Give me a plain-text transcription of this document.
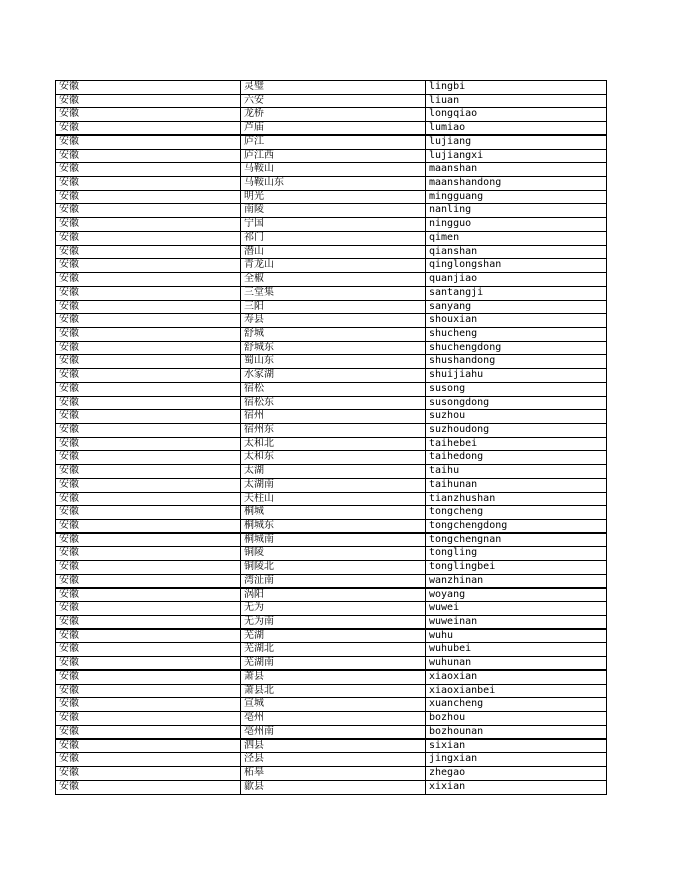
安徽	灵璧	lingbi
安徽	六安	liuan
安徽	龙桥	longqiao
安徽	芦庙	lumiao
安徽	庐江	lujiang
安徽	庐江西	lujiangxi
安徽	马鞍山	maanshan
安徽	马鞍山东	maanshandong
安徽	明光	mingguang
安徽	南陵	nanling
安徽	宁国	ningguo
安徽	祁门	qimen
安徽	潜山	qianshan
安徽	青龙山	qinglongshan
安徽	全椒	quanjiao
安徽	三堂集	santangji
安徽	三阳	sanyang
安徽	寿县	shouxian
安徽	舒城	shucheng
安徽	舒城东	shuchengdong
安徽	蜀山东	shushandong
安徽	水家湖	shuijiahu
安徽	宿松	susong
安徽	宿松东	susongdong
安徽	宿州	suzhou
安徽	宿州东	suzhoudong
安徽	太和北	taihebei
安徽	太和东	taihedong
安徽	太湖	taihu
安徽	太湖南	taihunan
安徽	天柱山	tianzhushan
安徽	桐城	tongcheng
安徽	桐城东	tongchengdong
安徽	桐城南	tongchengnan
安徽	铜陵	tongling
安徽	铜陵北	tonglingbei
安徽	湾沚南	wanzhinan
安徽	涡阳	woyang
安徽	无为	wuwei
安徽	无为南	wuweinan
安徽	芜湖	wuhu
安徽	芜湖北	wuhubei
安徽	芜湖南	wuhunan
安徽	萧县	xiaoxian
安徽	萧县北	xiaoxianbei
安徽	宣城	xuancheng
安徽	亳州	bozhou
安徽	亳州南	bozhounan
安徽	泗县	sixian
安徽	泾县	jingxian
安徽	柘皋	zhegao
安徽	歙县	xixian
